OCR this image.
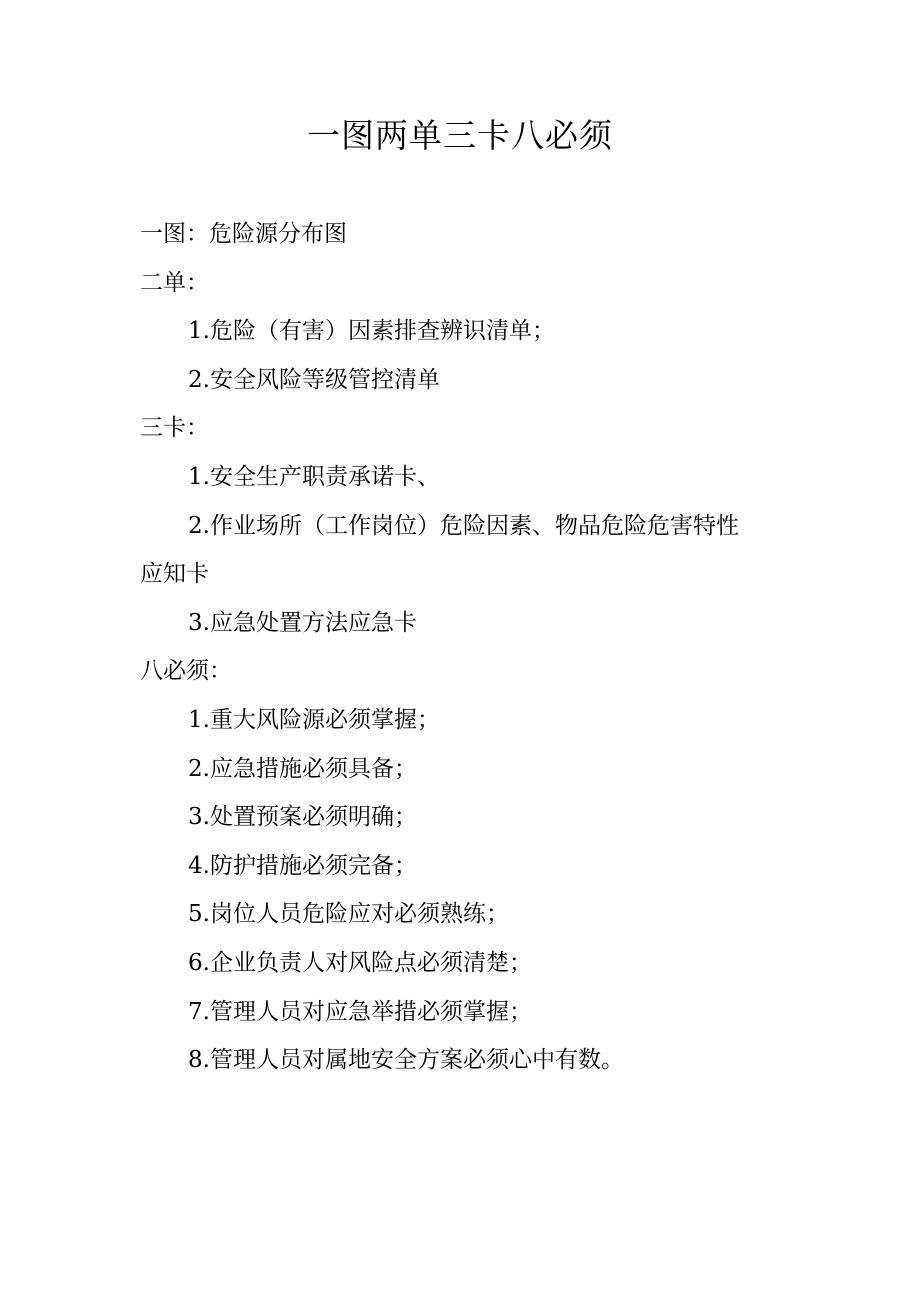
一图两单三卡八必须

一图：危险源分布图

二单：

1.危险（有害）因素排查辨识清单；

2.安全风险等级管控清单

三卡：

1.安全生产职责承诺卡、

2.作业场所（工作岗位）危险因素、物品危险危害特性

应知卡

3.应急处置方法应急卡

八必须：

1.重大风险源必须掌握；

2.应急措施必须具备；

3.处置预案必须明确；

4.防护措施必须完备；

5.岗位人员危险应对必须熟练；

6.企业负责人对风险点必须清楚；

7.管理人员对应急举措必须掌握；

8.管理人员对属地安全方案必须心中有数。
